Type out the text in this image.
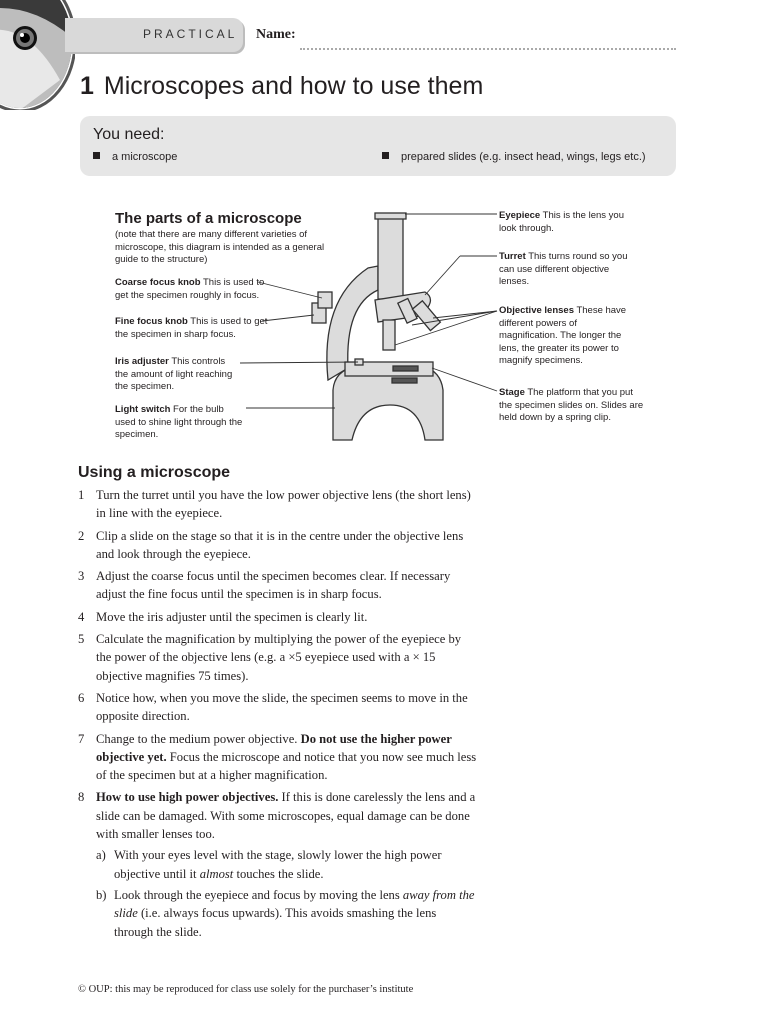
PRACTICAL Name:
1 Microscopes and how to use them
You need:
a microscope	prepared slides (e.g. insect head, wings, legs etc.)
The parts of a microscope
(note that there are many different varieties of microscope, this diagram is intended as a general guide to the structure)
Coarse focus knob This is used to get the specimen roughly in focus.
Fine focus knob This is used to get the specimen in sharp focus.
Iris adjuster This controls the amount of light reaching the specimen.
Light switch For the bulb used to shine light through the specimen.
Eyepiece This is the lens you look through.
Turret This turns round so you can use different objective lenses.
Objective lenses These have different powers of magnification. The longer the lens, the greater its power to magnify specimens.
Stage The platform that you put the specimen slides on. Slides are held down by a spring clip.
Using a microscope
1 Turn the turret until you have the low power objective lens (the short lens) in line with the eyepiece.
2 Clip a slide on the stage so that it is in the centre under the objective lens and look through the eyepiece.
3 Adjust the coarse focus until the specimen becomes clear. If necessary adjust the fine focus until the specimen is in sharp focus.
4 Move the iris adjuster until the specimen is clearly lit.
5 Calculate the magnification by multiplying the power of the eyepiece by the power of the objective lens (e.g. a ×5 eyepiece used with a × 15 objective magnifies 75 times).
6 Notice how, when you move the slide, the specimen seems to move in the opposite direction.
7 Change to the medium power objective. Do not use the higher power objective yet. Focus the microscope and notice that you now see much less of the specimen but at a higher magnification.
8 How to use high power objectives. If this is done carelessly the lens and a slide can be damaged. With some microscopes, equal damage can be done with smaller lenses too.
a) With your eyes level with the stage, slowly lower the high power objective until it almost touches the slide.
b) Look through the eyepiece and focus by moving the lens away from the slide (i.e. always focus upwards). This avoids smashing the lens through the slide.
© OUP: this may be reproduced for class use solely for the purchaser’s institute
